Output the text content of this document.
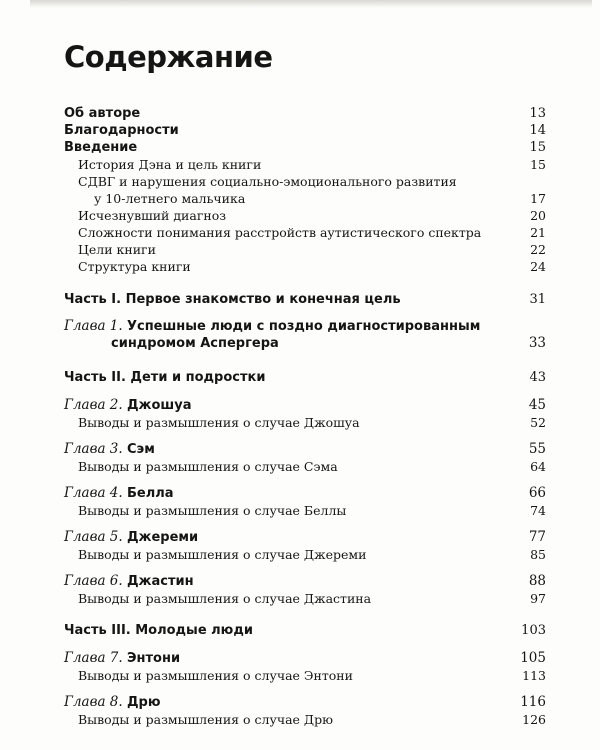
Содержание
Об авторе	13
Благодарности	14
Введение	15
История Дэна и цель книги	15
СДВГ и нарушения социально-эмоционального развития
у 10-летнего мальчика	17
Исчезнувший диагноз	20
Сложности понимания расстройств аутистического спектра	21
Цели книги	22
Структура книги	24
Часть I. Первое знакомство и конечная цель	31
Глава 1. Успешные люди с поздно диагностированным
синдромом Аспергера	33
Часть II. Дети и подростки	43
Глава 2. Джошуа	45
Выводы и размышления о случае Джошуа	52
Глава 3. Сэм	55
Выводы и размышления о случае Сэма	64
Глава 4. Белла	66
Выводы и размышления о случае Беллы	74
Глава 5. Джереми	77
Выводы и размышления о случае Джереми	85
Глава 6. Джастин	88
Выводы и размышления о случае Джастина	97
Часть III. Молодые люди	103
Глава 7. Энтони	105
Выводы и размышления о случае Энтони	113
Глава 8. Дрю	116
Выводы и размышления о случае Дрю	126
